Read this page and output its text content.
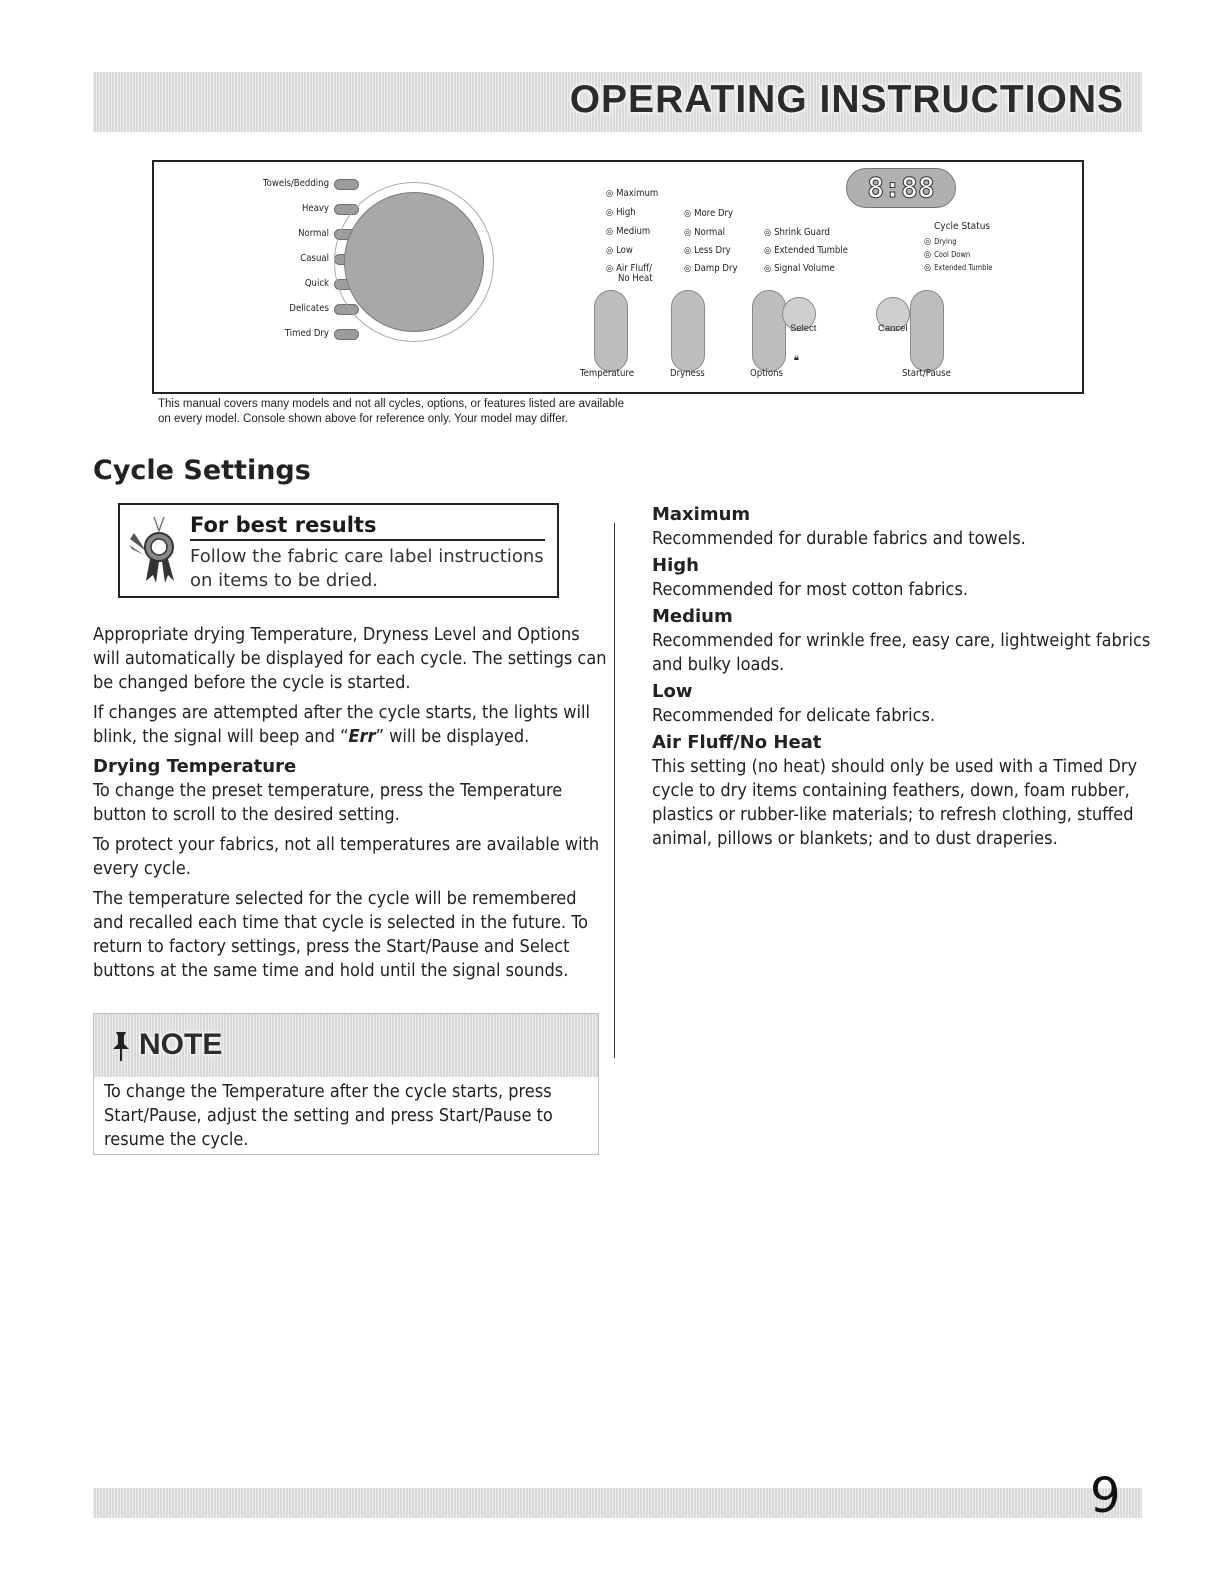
OPERATING INSTRUCTIONS
Towels/Bedding
Heavy
Normal
Casual
Quick
Delicates
Timed Dry
◎ Maximum
◎ High
◎ Medium
◎ Low
◎ Air Fluff/
No Heat
◎ More Dry
◎ Normal
◎ Less Dry
◎ Damp Dry
◎ Shrink Guard
◎ Extended Tumble
◎ Signal Volume
8:88
Cycle Status
◎ Drying
◎ Cool Down
◎ Extended Tumble
Select	Cancel
🔒︎
Temperature	Dryness	Options	Start/Pause
This manual covers many models and not all cycles, options, or features listed are available
on every model. Console shown above for reference only. Your model may differ.
Cycle Settings
For best results
Follow the fabric care label instructions
on items to be dried.

Appropriate drying Temperature, Dryness Level and Options will automatically be displayed for each cycle. The settings can be changed before the cycle is started.

If changes are attempted after the cycle starts, the lights will blink, the signal will beep and “Err” will be displayed.

Drying Temperature

To change the preset temperature, press the Temperature button to scroll to the desired setting.

To protect your fabrics, not all temperatures are available with every cycle.

The temperature selected for the cycle will be remembered and recalled each time that cycle is selected in the future. To return to factory settings, press the Start/Pause and Select buttons at the same time and hold until the signal sounds.

NOTE
To change the Temperature after the cycle starts, press Start/Pause, adjust the setting and press Start/Pause to resume the cycle.
Maximum

Recommended for durable fabrics and towels.

High

Recommended for most cotton fabrics.

Medium

Recommended for wrinkle free, easy care, lightweight fabrics and bulky loads.

Low

Recommended for delicate fabrics.

Air Fluff/No Heat

This setting (no heat) should only be used with a Timed Dry cycle to dry items containing feathers, down, foam rubber, plastics or rubber-like materials; to refresh clothing, stuffed animal, pillows or blankets; and to dust draperies.

9
